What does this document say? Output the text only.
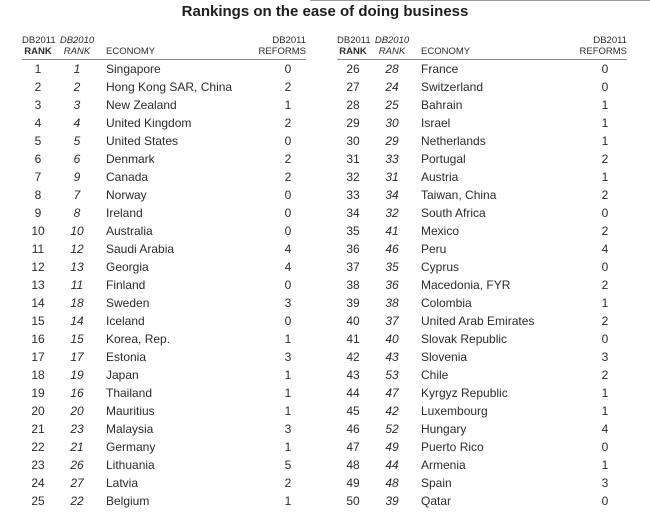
Rankings on the ease of doing business
DB2011
RANK
DB2010
RANK	ECONOMY
DB2011
REFORMS
1	1	Singapore	0
2	2	Hong Kong SAR, China	2
3	3	New Zealand	1
4	4	United Kingdom	2
5	5	United States	0
6	6	Denmark	2
7	9	Canada	2
8	7	Norway	0
9	8	Ireland	0
10	10	Australia	0
11	12	Saudi Arabia	4
12	13	Georgia	4
13	11	Finland	0
14	18	Sweden	3
15	14	Iceland	0
16	15	Korea, Rep.	1
17	17	Estonia	3
18	19	Japan	1
19	16	Thailand	1
20	20	Mauritius	1
21	23	Malaysia	3
22	21	Germany	1
23	26	Lithuania	5
24	27	Latvia	2
25	22	Belgium	1
DB2011
RANK
DB2010
RANK	ECONOMY
DB2011
REFORMS
26	28	France	0
27	24	Switzerland	0
28	25	Bahrain	1
29	30	Israel	1
30	29	Netherlands	1
31	33	Portugal	2
32	31	Austria	1
33	34	Taiwan, China	2
34	32	South Africa	0
35	41	Mexico	2
36	46	Peru	4
37	35	Cyprus	0
38	36	Macedonia, FYR	2
39	38	Colombia	1
40	37	United Arab Emirates	2
41	40	Slovak Republic	0
42	43	Slovenia	3
43	53	Chile	2
44	47	Kyrgyz Republic	1
45	42	Luxembourg	1
46	52	Hungary	4
47	49	Puerto Rico	0
48	44	Armenia	1
49	48	Spain	3
50	39	Qatar	0
